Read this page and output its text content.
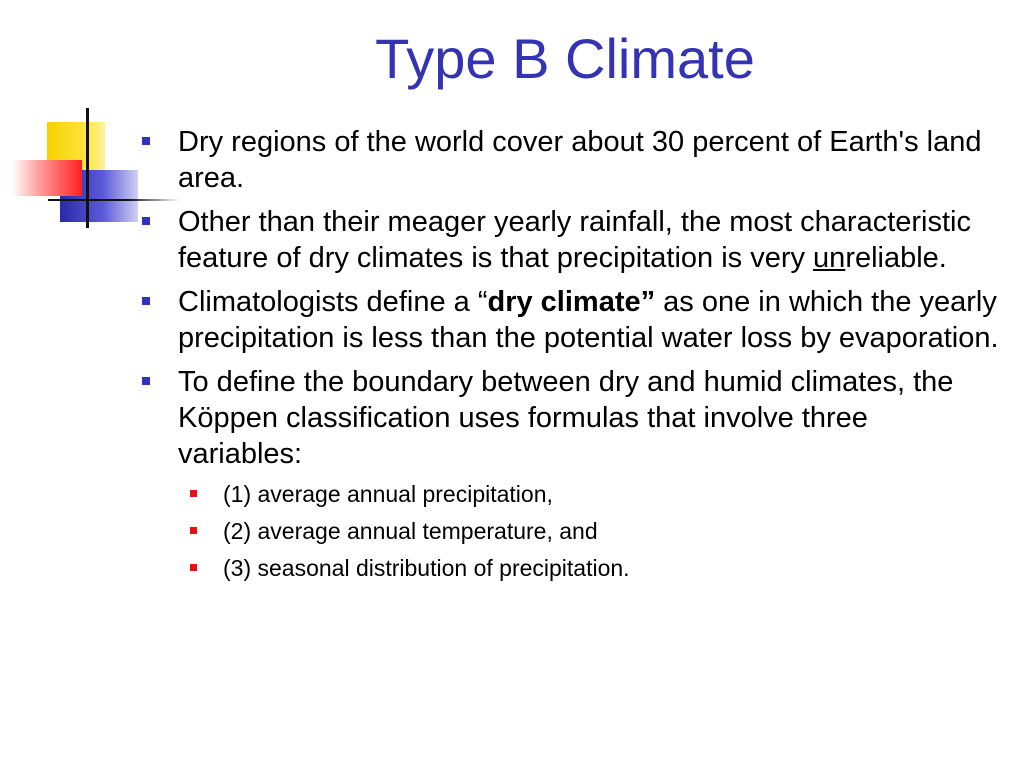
Type B Climate
Dry regions of the world cover about 30 percent of Earth's land area.
Other than their meager yearly rainfall, the most characteristic feature of dry climates is that precipitation is very unreliable.
Climatologists define a “dry climate” as one in which the yearly precipitation is less than the potential water loss by evaporation.
To define the boundary between dry and humid climates, the Köppen classification uses formulas that involve three variables:
(1) average annual precipitation,
(2) average annual temperature, and
(3) seasonal distribution of precipitation.
